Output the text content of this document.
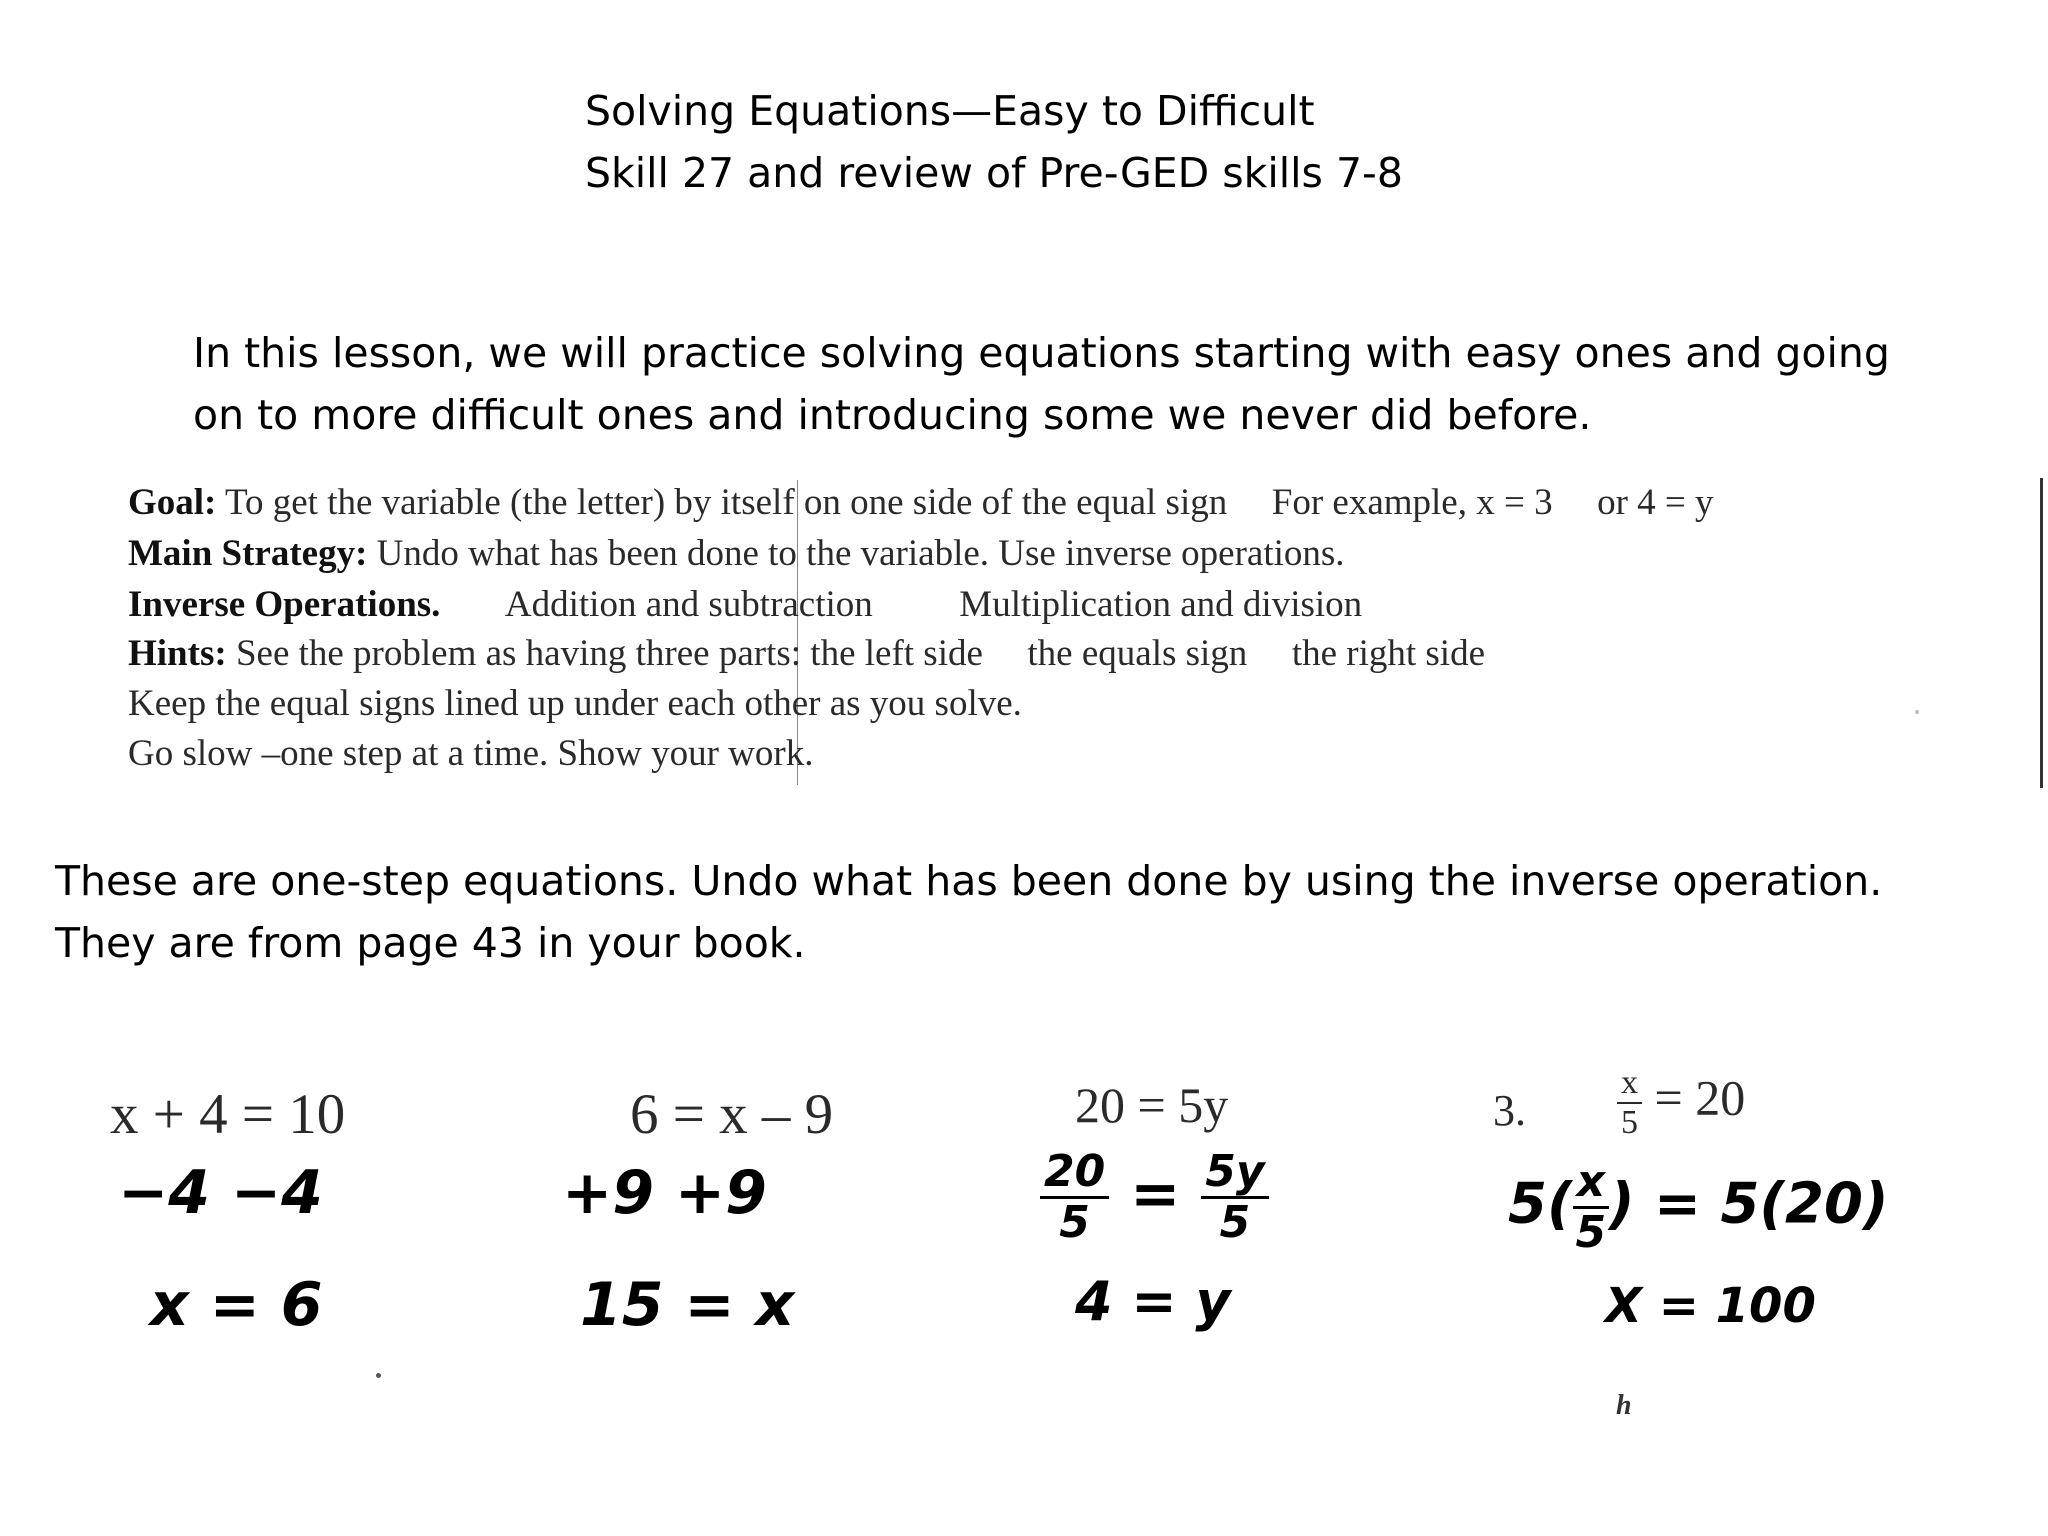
Solving Equations—Easy to Difficult
Skill 27 and review of Pre-GED skills 7-8

In this lesson, we will practice solving equations starting with easy ones and going
on to more difficult ones and introducing some we never did before.

Goal: To get the variable (the letter) by itself on one side of the equal sign For example, x = 3 or 4 = y
Main Strategy: Undo what has been done to the variable. Use inverse operations.
Inverse Operations. Addition and subtraction Multiplication and division
Hints: See the problem as having three parts: the left side the equals sign the right side
Keep the equal signs lined up under each other as you solve.
Go slow –one step at a time. Show your work.

These are one-step equations. Undo what has been done by using the inverse operation.
They are from page 43 in your book.

x + 4 = 10
−4 −4
x = 6
6 = x – 9
+9 +9
15 = x
20 = 5y
$\frac{20}{5} = \frac{5y}{5}$
4 = y
3.	$\frac{x}{5} = 20$
$5( \frac{x}{5}$ ) = 5(20)
X = 100
h
